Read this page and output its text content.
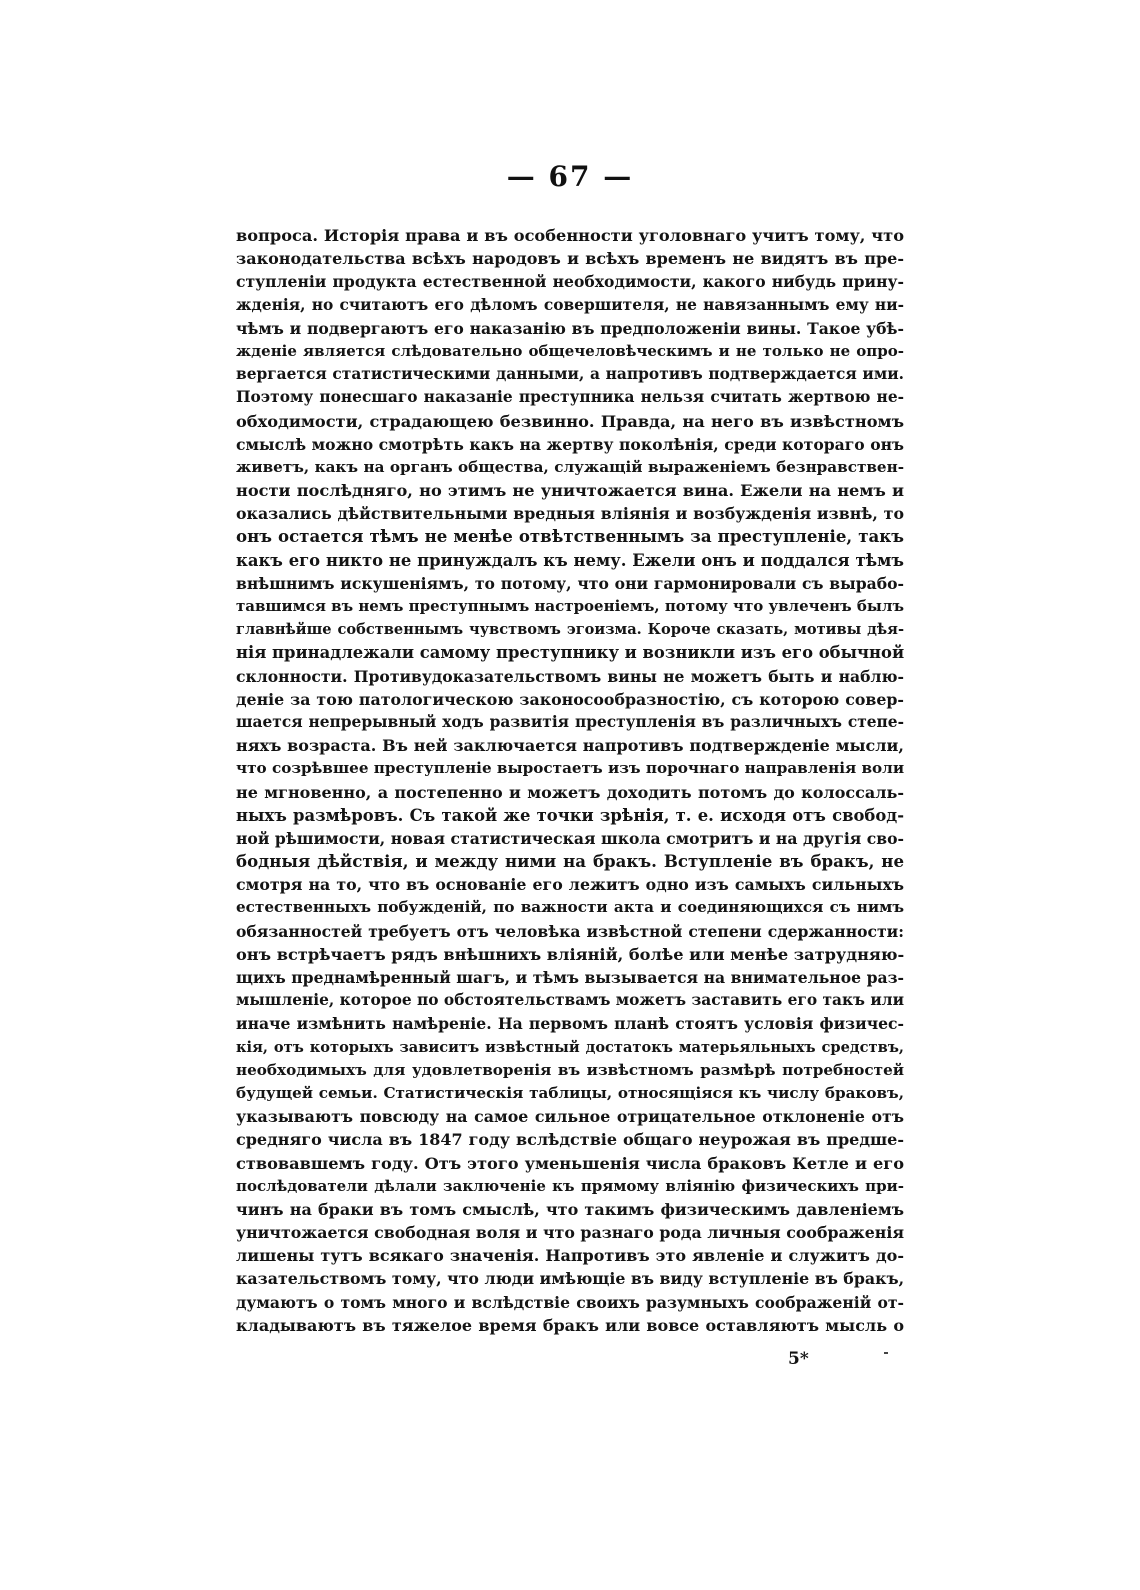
— 67 —
вопроса. Исторія права и въ особенности уголовнаго учитъ тому, что
законодательства всѣхъ народовъ и всѣхъ временъ не видятъ въ пре-
ступленіи продукта естественной необходимости, какого нибудь прину-
жденія, но считаютъ его дѣломъ совершителя, не навязаннымъ ему ни-
чѣмъ и подвергаютъ его наказанію въ предположеніи вины. Такое убѣ-
жденіе является слѣдовательно общечеловѣческимъ и не только не опро-
вергается статистическими данными, а напротивъ подтверждается ими.
Поэтому понесшаго наказаніе преступника нельзя считать жертвою не-
обходимости, страдающею безвинно. Правда, на него въ извѣстномъ
смыслѣ можно смотрѣть какъ на жертву поколѣнія, среди котораго онъ
живетъ, какъ на органъ общества, служащій выраженіемъ безнравствен-
ности послѣдняго, но этимъ не уничтожается вина. Ежели на немъ и
оказались дѣйствительными вредныя вліянія и возбужденія извнѣ, то
онъ остается тѣмъ не менѣе отвѣтственнымъ за преступленіе, такъ
какъ его никто не принуждалъ къ нему. Ежели онъ и поддался тѣмъ
внѣшнимъ искушеніямъ, то потому, что они гармонировали съ вырабо-
тавшимся въ немъ преступнымъ настроеніемъ, потому что увлеченъ былъ
главнѣйше собственнымъ чувствомъ эгоизма. Короче сказать, мотивы дѣя-
нія принадлежали самому преступнику и возникли изъ его обычной
склонности. Противудоказательствомъ вины не можетъ быть и наблю-
деніе за тою патологическою законосообразностію, съ которою совер-
шается непрерывный ходъ развитія преступленія въ различныхъ степе-
няхъ возраста. Въ ней заключается напротивъ подтвержденіе мысли,
что созрѣвшее преступленіе выростаетъ изъ порочнаго направленія воли
не мгновенно, а постепенно и можетъ доходить потомъ до колоссаль-
ныхъ размѣровъ. Съ такой же точки зрѣнія, т. е. исходя отъ свобод-
ной рѣшимости, новая статистическая школа смотритъ и на другія сво-
бодныя дѣйствія, и между ними на бракъ. Вступленіе въ бракъ, не
смотря на то, что въ основаніе его лежитъ одно изъ самыхъ сильныхъ
естественныхъ побужденій, по важности акта и соединяющихся съ нимъ
обязанностей требуетъ отъ человѣка извѣстной степени сдержанности:
онъ встрѣчаетъ рядъ внѣшнихъ вліяній, болѣе или менѣе затрудняю-
щихъ преднамѣренный шагъ, и тѣмъ вызывается на внимательное раз-
мышленіе, которое по обстоятельствамъ можетъ заставить его такъ или
иначе измѣнить намѣреніе. На первомъ планѣ стоятъ условія физичес-
кія, отъ которыхъ зависитъ извѣстный достатокъ матерьяльныхъ средствъ,
необходимыхъ для удовлетворенія въ извѣстномъ размѣрѣ потребностей
будущей семьи. Статистическія таблицы, относящіяся къ числу браковъ,
указываютъ повсюду на самое сильное отрицательное отклоненіе отъ
средняго числа въ 1847 году вслѣдствіе общаго неурожая въ предше-
ствовавшемъ году. Отъ этого уменьшенія числа браковъ Кетле и его
послѣдователи дѣлали заключеніе къ прямому вліянію физическихъ при-
чинъ на браки въ томъ смыслѣ, что такимъ физическимъ давленіемъ
уничтожается свободная воля и что разнаго рода личныя соображенія
лишены тутъ всякаго значенія. Напротивъ это явленіе и служитъ до-
казательствомъ тому, что люди имѣющіе въ виду вступленіе въ бракъ,
думаютъ о томъ много и вслѣдствіе своихъ разумныхъ соображеній от-
кладываютъ въ тяжелое время бракъ или вовсе оставляютъ мысль о
5*
